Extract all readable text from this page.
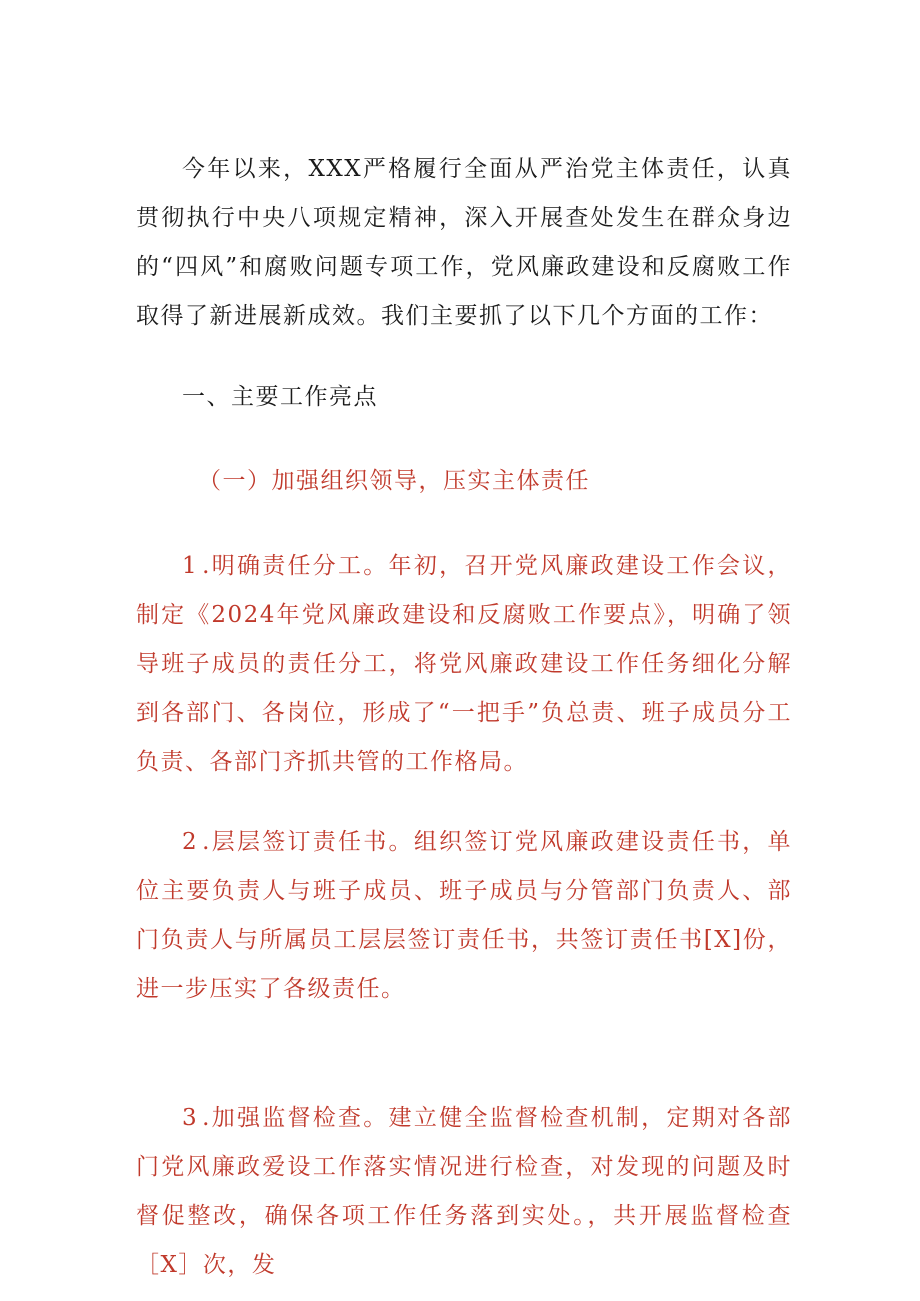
今年以来，XXX严格履行全面从严治党主体责任，认真贯彻执行中央八项规定精神，深入开展查处发生在群众身边的“四风”和腐败问题专项工作，党风廉政建设和反腐败工作取得了新进展新成效。我们主要抓了以下几个方面的工作：

一、主要工作亮点

（一）加强组织领导，压实主体责任

1 .明确责任分工。年初，召开党风廉政建设工作会议，制定《2024年党风廉政建设和反腐败工作要点》，明确了领导班子成员的责任分工，将党风廉政建设工作任务细化分解到各部门、各岗位，形成了“一把手”负总责、班子成员分工负责、各部门齐抓共管的工作格局。

2 .层层签订责任书。组织签订党风廉政建设责任书，单位主要负责人与班子成员、班子成员与分管部门负责人、部门负责人与所属员工层层签订责任书，共签订责任书[X]份，进一步压实了各级责任。

3 .加强监督检查。建立健全监督检查机制，定期对各部门党风廉政爱设工作落实情况进行检查，对发现的问题及时督促整改，确保各项工作任务落到实处。，共开展监督检查［X］次，发
